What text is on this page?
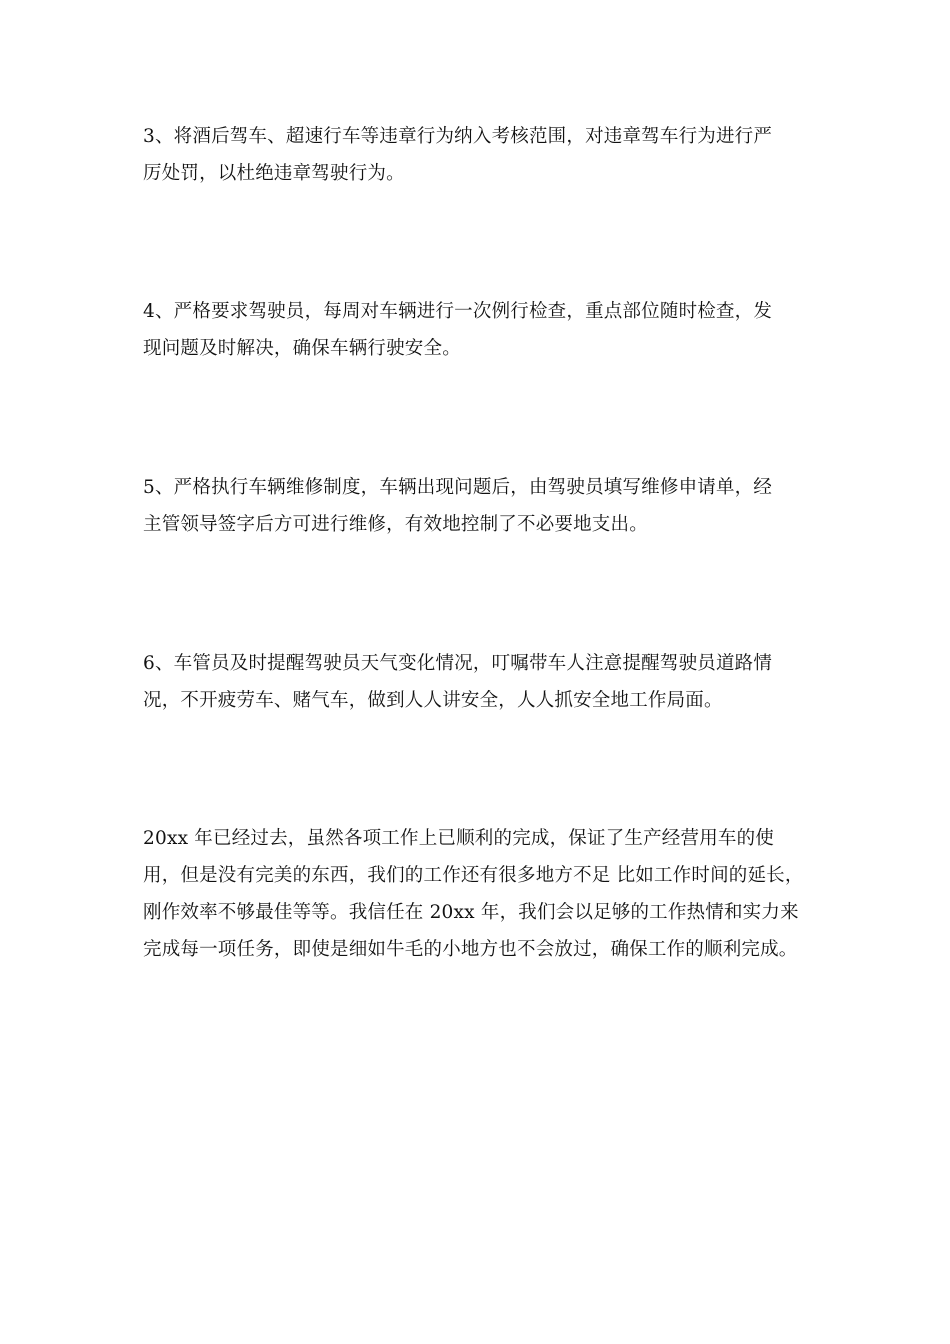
3、将酒后驾车、超速行车等违章行为纳入考核范围，对违章驾车行为进行严
厉处罚，以杜绝违章驾驶行为。

4、严格要求驾驶员，每周对车辆进行一次例行检查，重点部位随时检查，发
现问题及时解决，确保车辆行驶安全。

5、严格执行车辆维修制度，车辆出现问题后，由驾驶员填写维修申请单，经
主管领导签字后方可进行维修，有效地控制了不必要地支出。

6、车管员及时提醒驾驶员天气变化情况，叮嘱带车人注意提醒驾驶员道路情
况，不开疲劳车、赌气车，做到人人讲安全，人人抓安全地工作局面。

20xx 年已经过去，虽然各项工作上已顺利的完成，保证了生产经营用车的使
用，但是没有完美的东西，我们的工作还有很多地方不足 比如工作时间的延长，
刚作效率不够最佳等等。我信任在 20xx 年，我们会以足够的工作热情和实力来
完成每一项任务，即使是细如牛毛的小地方也不会放过，确保工作的顺利完成。
